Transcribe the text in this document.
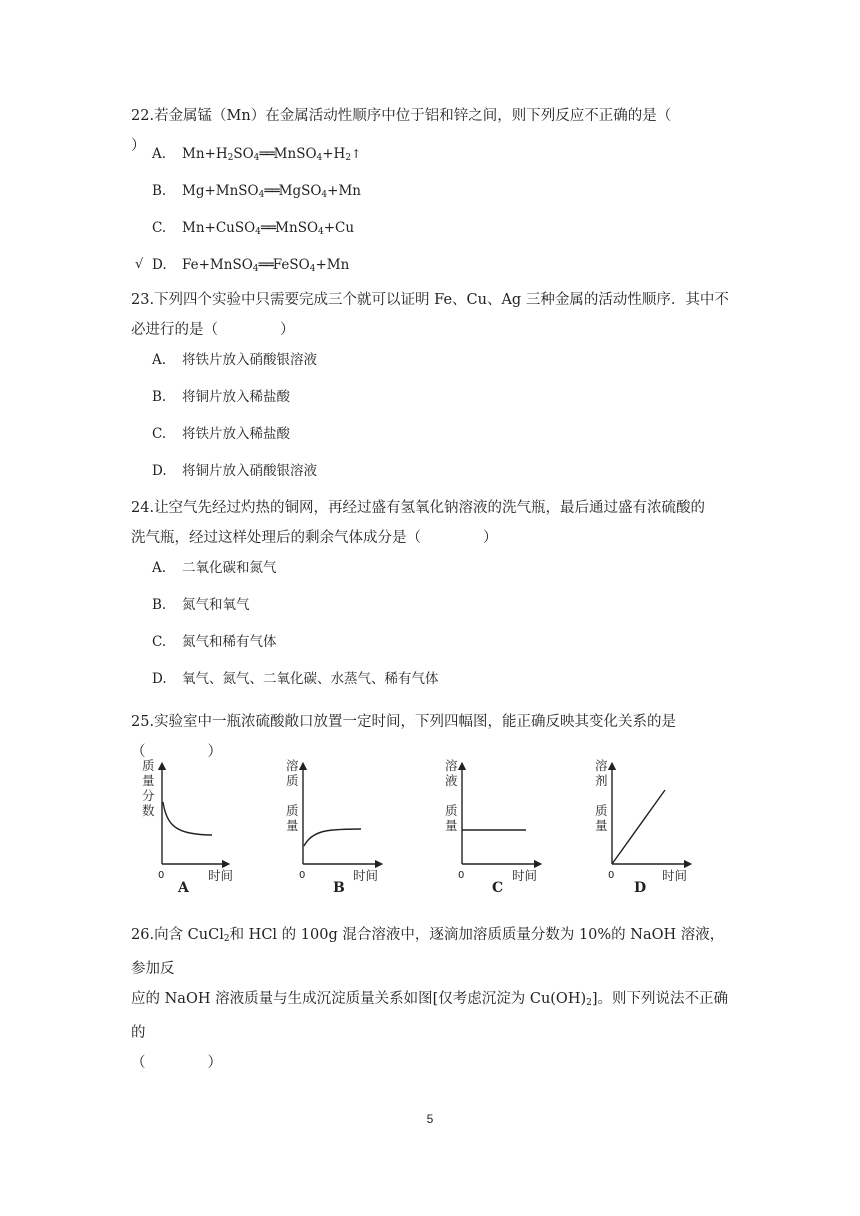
22.若金属锰（Mn）在金属活动性顺序中位于铝和锌之间，则下列反应不正确的是（） A. $Mn+H_2SO_4══MnSO_4+H_2↑$
B. Mg+MnSO$_4$══MgSO$_4$+Mn
C. Mn+CuSO$_4$══MnSO$_4$+Cu
√ D. Fe+MnSO$_4$══FeSO$_4$+Mn
23.下列四个实验中只需要完成三个就可以证明 Fe、Cu、Ag 三种金属的活动性顺序．其中不
必进行的是（	）
A. 将铁片放入硝酸银溶液
B. 将铜片放入稀盐酸
C. 将铁片放入稀盐酸
D. 将铜片放入硝酸银溶液
24.让空气先经过灼热的铜网，再经过盛有氢氧化钠溶液的洗气瓶，最后通过盛有浓硫酸的
洗气瓶，经过这样处理后的剩余气体成分是（	）
A. 二氧化碳和氮气
B. 氮气和氧气
C. 氮气和稀有气体
D. 氧气、氮气、二氧化碳、水蒸气、稀有气体
25.实验室中一瓶浓硫酸敞口放置一定时间，下列四幅图，能正确反映其变化关系的是
（	）
质
量
分
数
0	时间
A
溶
质
质
量
0	时间
B
溶
液
质
量
0	时间
C
溶
剂
质
量
0	时间
D
26.向含 CuCl$_2$和 HCl 的 100g 混合溶液中，逐滴加溶质质量分数为 10%的 NaOH 溶液，参加反
应的 NaOH 溶液质量与生成沉淀质量关系如图[仅考虑沉淀为 $Cu(OH)_2$]。则下列说法不正确的
（	）
5
